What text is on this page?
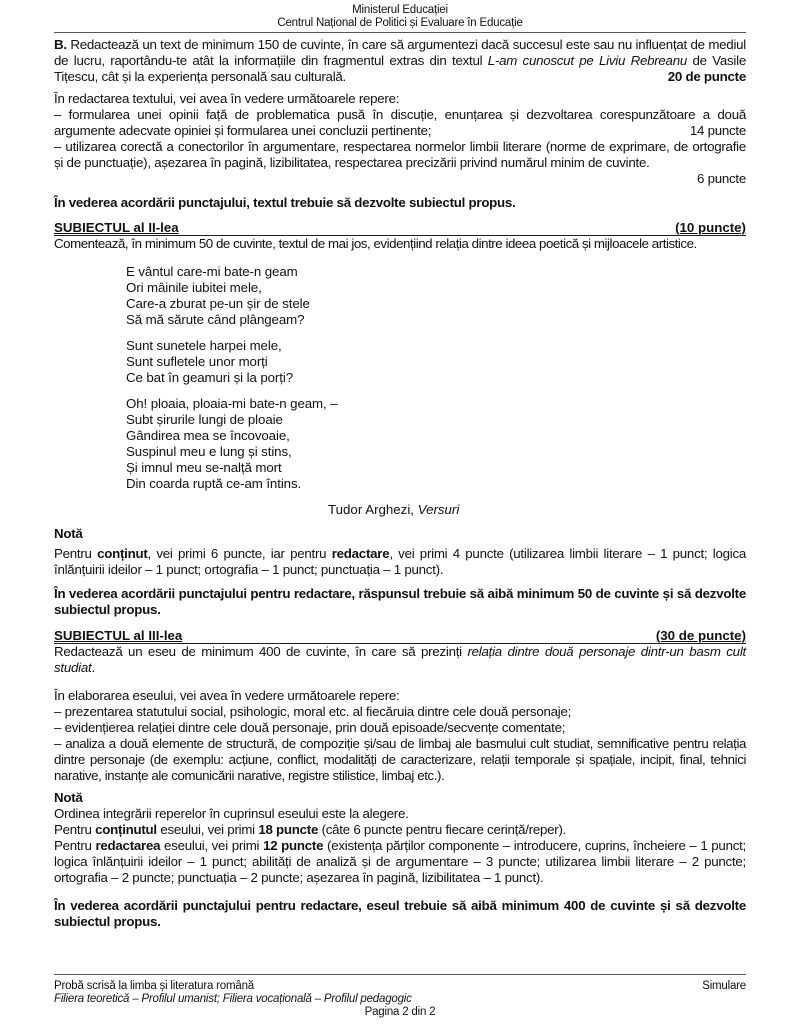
Ministerul Educației
Centrul Național de Politici și Evaluare în Educație

B. Redactează un text de minimum 150 de cuvinte, în care să argumentezi dacă succesul este sau nu influențat de mediul de lucru, raportându-te atât la informațiile din fragmentul extras din textul L-am cunoscut pe Liviu Rebreanu de Vasile Tițescu, cât și la experiența personală sau culturală.	20 de puncte

În redactarea textului, vei avea în vedere următoarele repere:

– formularea unei opinii față de problematica pusă în discuție, enunțarea și dezvoltarea corespunzătoare a două argumente adecvate opiniei și formularea unei concluzii pertinente;	14 puncte

– utilizarea corectă a conectorilor în argumentare, respectarea normelor limbii literare (norme de exprimare, de ortografie și de punctuație), așezarea în pagină, lizibilitatea, respectarea precizării privind numărul minim de cuvinte.

6 puncte

În vederea acordării punctajului, textul trebuie să dezvolte subiectul propus.

SUBIECTUL al II-lea	(10 puncte)

Comentează, în minimum 50 de cuvinte, textul de mai jos, evidențiind relația dintre ideea poetică și mijloacele artistice.

E vântul care-mi bate-n geam
Ori mâinile iubitei mele,
Care-a zburat pe-un șir de stele
Să mă sărute când plângeam?
Sunt sunetele harpei mele,
Sunt sufletele unor morți
Ce bat în geamuri și la porți?
Oh! ploaia, ploaia-mi bate-n geam, –
Subt șirurile lungi de ploaie
Gândirea mea se încovoaie,
Suspinul meu e lung și stins,
Și imnul meu se-nalță mort
Din coarda ruptă ce-am întins.
Tudor Arghezi, Versuri

Notă

Pentru conținut, vei primi 6 puncte, iar pentru redactare, vei primi 4 puncte (utilizarea limbii literare – 1 punct; logica înlănțuirii ideilor – 1 punct; ortografia – 1 punct; punctuația – 1 punct).

În vederea acordării punctajului pentru redactare, răspunsul trebuie să aibă minimum 50 de cuvinte și să dezvolte subiectul propus.

SUBIECTUL al III-lea	(30 de puncte)

Redactează un eseu de minimum 400 de cuvinte, în care să prezinți relația dintre două personaje dintr-un basm cult studiat.

În elaborarea eseului, vei avea în vedere următoarele repere:

– prezentarea statutului social, psihologic, moral etc. al fiecăruia dintre cele două personaje;

– evidențierea relației dintre cele două personaje, prin două episoade/secvențe comentate;

– analiza a două elemente de structură, de compoziție și/sau de limbaj ale basmului cult studiat, semnificative pentru relația dintre personaje (de exemplu: acțiune, conflict, modalități de caracterizare, relații temporale și spațiale, incipit, final, tehnici narative, instanțe ale comunicării narative, registre stilistice, limbaj etc.).

Notă

Ordinea integrării reperelor în cuprinsul eseului este la alegere.

Pentru conținutul eseului, vei primi 18 puncte (câte 6 puncte pentru fiecare cerință/reper).

Pentru redactarea eseului, vei primi 12 puncte (existența părților componente – introducere, cuprins, încheiere – 1 punct; logica înlănțuirii ideilor – 1 punct; abilități de analiză și de argumentare – 3 puncte; utilizarea limbii literare – 2 puncte; ortografia – 2 puncte; punctuația – 2 puncte; așezarea în pagină, lizibilitatea – 1 punct).

În vederea acordării punctajului pentru redactare, eseul trebuie să aibă minimum 400 de cuvinte și să dezvolte subiectul propus.

Probă scrisă la limba și literatura română	Simulare
Filiera teoretică – Profilul umanist; Filiera vocațională – Profilul pedagogic
Pagina 2 din 2
